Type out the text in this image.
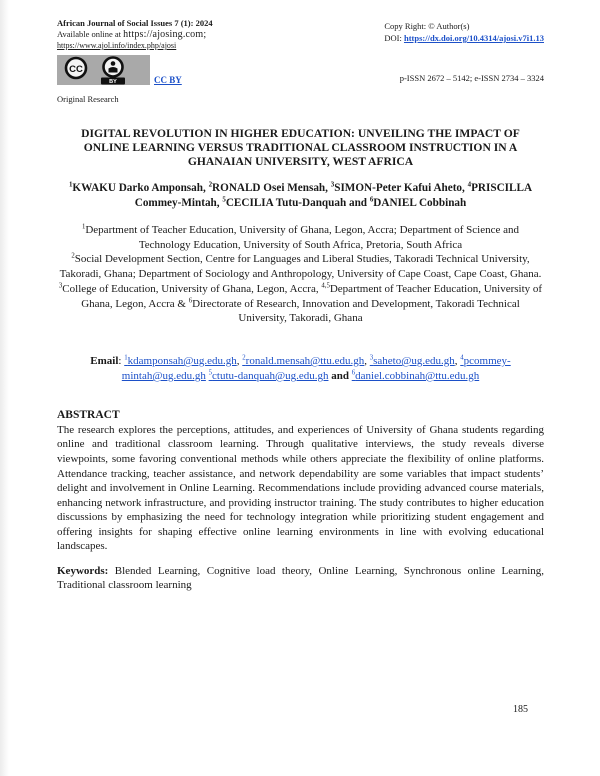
African Journal of Social Issues 7 (1): 2024
Available online at https://ajosing.com;
https://www.ajol.info/index.php/ajosi
Copy Right: © Author(s)
DOI: https://dx.doi.org/10.4314/ajosi.v7i1.13
CC
BY	CC BY	p-ISSN 2672 – 5142; e-ISSN 2734 – 3324
Original Research
DIGITAL REVOLUTION IN HIGHER EDUCATION: UNVEILING THE IMPACT OF
ONLINE LEARNING VERSUS TRADITIONAL CLASSROOM INSTRUCTION IN A
GHANAIAN UNIVERSITY, WEST AFRICA
$^1$KWAKU Darko Amponsah, $^2$RONALD Osei Mensah, $^3$SIMON-Peter Kafui Aheto, $^4$PRISCILLA Commey-Mintah, $^5$CECILIA Tutu-Danquah and $^6$DANIEL Cobbinah
$^1$Department of Teacher Education, University of Ghana, Legon, Accra; Department of Science and Technology Education, University of South Africa, Pretoria, South Africa
$^2$Social Development Section, Centre for Languages and Liberal Studies, Takoradi Technical University, Takoradi, Ghana; Department of Sociology and Anthropology, University of Cape Coast, Cape Coast, Ghana.
$^3$College of Education, University of Ghana, Legon, Accra, $^{4,5}$Department of Teacher Education, University of Ghana, Legon, Accra & $^6$Directorate of Research, Innovation and Development, Takoradi Technical University, Takoradi, Ghana
Email: $^1$kdamponsah@ug.edu.gh, $^2$ronald.mensah@ttu.edu.gh, $^3$saheto@ug.edu.gh, $^4$pcommey-mintah@ug.edu.gh $^5$ctutu-danquah@ug.edu.gh and $^6$daniel.cobbinah@ttu.edu.gh
ABSTRACT
The research explores the perceptions, attitudes, and experiences of University of Ghana students regarding online and traditional classroom learning. Through qualitative interviews, the study reveals diverse viewpoints, some favoring conventional methods while others appreciate the flexibility of online platforms. Attendance tracking, teacher assistance, and network dependability are some variables that impact students’ delight and involvement in Online Learning. Recommendations include providing advanced course materials, enhancing network infrastructure, and providing instructor training. The study contributes to higher education discussions by emphasizing the need for technology integration while prioritizing student engagement and offering insights for shaping effective online learning environments in line with evolving educational landscapes.
Keywords: Blended Learning, Cognitive load theory, Online Learning, Synchronous online Learning, Traditional classroom learning
185
